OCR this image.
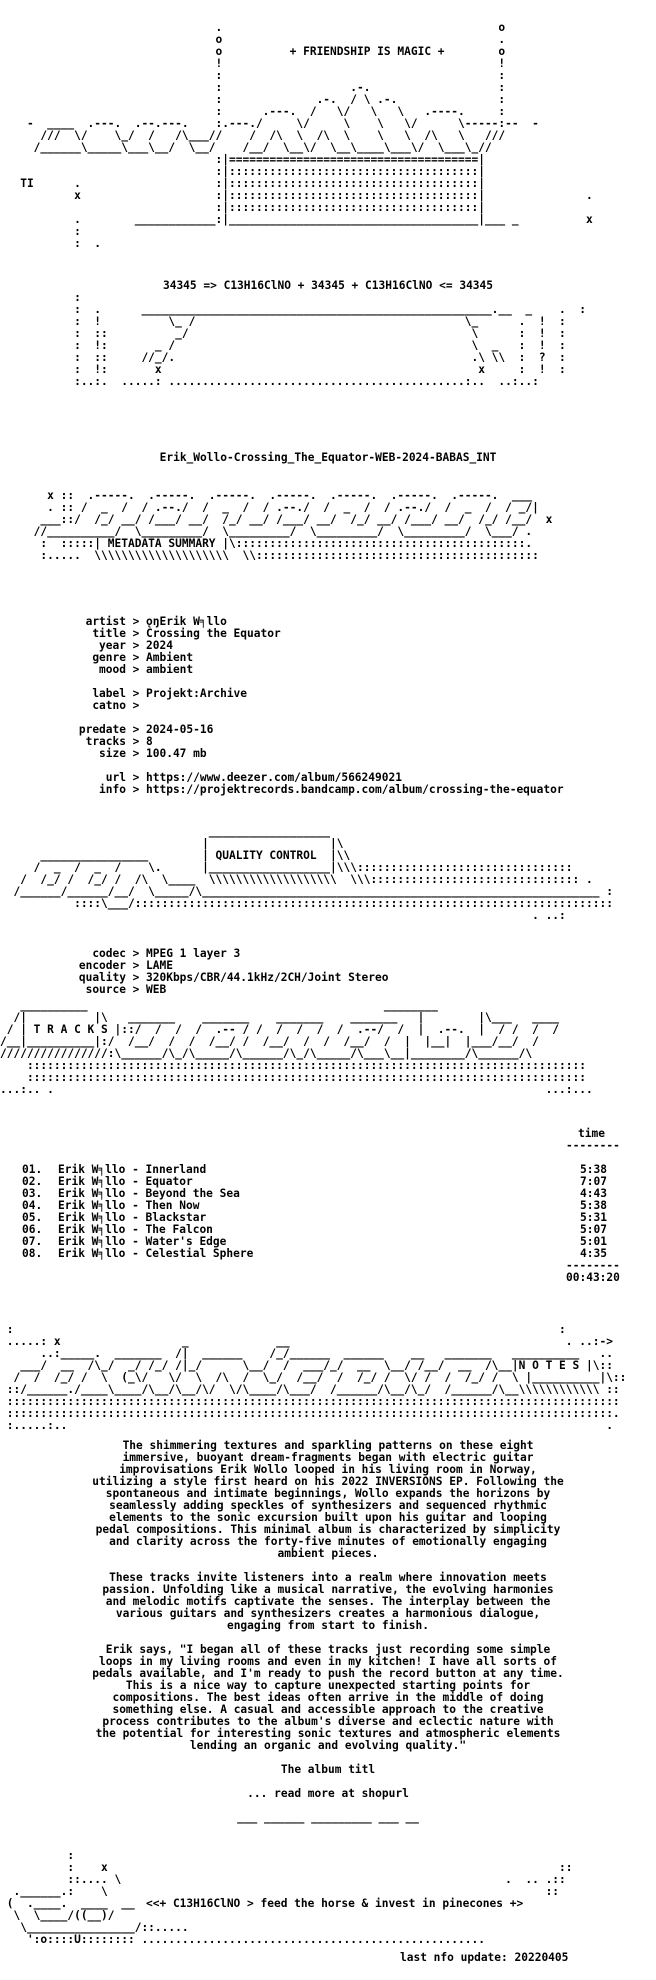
.                                         o
o                                         .
o          + FRIENDSHIP IS MAGIC +        o
!                                         !
:                                         :
:                   .-.                   :
:              .-.  / \ .-.               :
:      .---.  /   \/   \   \   .----.     :
-  ____  .---.  .--.---.    :.---./     \/     \    \   \/      \-----:--  -
///  \/    \_/  /   /\___//    /  /\  \  /\  \    \   \  /\   \   ///
/______\_____\___\__/  \__/    /__/  \__\/  \__\____\___\/  \___\_//
:|=====================================|
:|:::::::::::::::::::::::::::::::::::::|
TI      .                    :|:::::::::::::::::::::::::::::::::::::|
x                    :|:::::::::::::::::::::::::::::::::::::|               .
:|:::::::::::::::::::::::::::::::::::::|
.        ____________:|_____________________________________|___ _          x
:
:  .
34345 => C13H16ClNO + 34345 + C13H16ClNO <= 34345
:
:  .      ____________________________________________________.__  _    .  :
:  !          \_ /                                        \_      .  !  :
:  ::          _/                                          \      :  !  :
:  !:       _ /                                            \  _   :  !  :
:  ::     //_/.                                            .\ \\  :  ?  :
:  !:       x                                               x     :  !  :
:..:.  .....: ............................................:..  ..:..:
Erik_Wollo-Crossing_The_Equator-WEB-2024-BABAS_INT
x ::  .-----.  .-----.  .-----.  .-----.  .-----.  .-----.  .-----.  ___
. :: /  _  /  / .--./  /  _  /  / .--./  /  _  /  / .--./  /  _  /  / _/|
___::/  /_/ __/ /___/ __/  /_/ __/ /___/ __/  /_/ __/ /___/ __/  /_/ /__/  x
//__________/  \_________/  \_________/  \_________/  \_________/  \___/ .
:  :::::| METADATA SUMMARY |\:::::::::::::::::::::::::::::::::::::::::::.
:.....  \\\\\\\\\\\\\\\\\\\\  \\::::::::::::::::::::::::::::::::::::::::::
artist > ǫŋErik W╕llo
title > Crossing the Equator
year > 2024
genre > Ambient
mood > ambient
label > Projekt:Archive
catno >
predate > 2024-05-16
tracks > 8
size > 100.47 mb
url > https://www.deezer.com/album/566249021
info > https://projektrecords.bandcamp.com/album/crossing-the-equator
__________________
|                  |\
________________        | QUALITY CONTROL  |\\
/  _  /  _  /    \.      |__________________|\\\::::::::::::::::::::::::::::::::
/  /_/ /  /_/ /  /\  \____  \\\\\\\\\\\\\\\\\\\  \\\::::::::::::::::::::::::::::::: .
/______/______/__/  \_____/\___________________________________________________________ :
::::\___/:::::::::::::::::::::::::::::::::::::::::::::::::::::::::::::::::::::::
. ..:
codec > MPEG 1 layer 3
encoder > LAME
quality > 320Kbps/CBR/44.1kHz/2CH/Joint Stereo
source > WEB
__________                                            ________
/|          |\   _______    _______    _______    _______   |        |\___   ____
/ | T R A C K S |::/  /  /  /  .-- / /  /  /  /  /  .--/  /  |  .--.  |  / /  /  /
/__|__________|:/  /__/  /  /  /__/ /  /__/  /  /  /__/  /  |  |__|  |___/__/  /
////////////////:\______/\_/\_____/\______/\_/\_____/\___\__|________/\______/\
:::::::::::::::::::::::::::::::::::::::::::::::::::::::::::::::::::::::::::::::::::
:::::::::::::::::::::::::::::::::::::::::::::::::::::::::::::::::::::::::::::::::::
...:.. .                                                                         ...:...
time
--------
01. Erik W╕llo - Innerland	5:38
02. Erik W╕llo - Equator	7:07
03. Erik W╕llo - Beyond the Sea	4:43
04. Erik W╕llo - Then Now	5:38
05. Erik W╕llo - Blackstar	5:31
06. Erik W╕llo - The Falcon	5:07
07. Erik W╕llo - Water's Edge	5:01
08. Erik W╕llo - Celestial Sphere	4:35
--------
00:43:20
:                                                                                 :
.....: x                  _             __                                         . ..:->
..:_____.  _______  /|  ______    /_/______  ______    __   _______   __________   ..
___/  __  /\_/  _/ /_/ /|_/      \__/  /  ___/_/  __  \__/ /__/  __  /\__|N O T E S |\::
/  /  /_/ /  \  (_\/   \/  \  /\  /  \_/  /__/  /  /_/ /  \/ /  /  /_/ /  \ |__________|\::
::/______./____\____/\__/\__/\/  \/\____/\___/  /______/\__/\_/  /______/\__\\\\\\\\\\\\ ::
:::::::::::::::::::::::::::::::::::::::::::::::::::::::::::::::::::::::::::::::::::::::::::
::::::::::::::::::::::::::::::::::::::::::::::::::::::::::::::::::::::::::::::::::::::::::.
:.....:..                                                                                .

The shimmering textures and sparkling patterns on these eight
immersive, buoyant dream-fragments began with electric guitar
improvisations Erik Wollo looped in his living room in Norway,
utilizing a style first heard on his 2022 INVERSIONS EP. Following the
spontaneous and intimate beginnings, Wollo expands the horizons by
seamlessly adding speckles of synthesizers and sequenced rhythmic
elements to the sonic excursion built upon his guitar and looping
pedal compositions. This minimal album is characterized by simplicity
and clarity across the forty-five minutes of emotionally engaging
ambient pieces.

These tracks invite listeners into a realm where innovation meets
passion. Unfolding like a musical narrative, the evolving harmonies
and melodic motifs captivate the senses. The interplay between the
various guitars and synthesizers creates a harmonious dialogue,
engaging from start to finish.

Erik says, "I began all of these tracks just recording some simple
loops in my living rooms and even in my kitchen! I have all sorts of
pedals available, and I'm ready to push the record button at any time.
This is a nice way to capture unexpected starting points for
compositions. The best ideas often arrive in the middle of doing
something else. A casual and accessible approach to the creative
process contributes to the album's diverse and eclectic nature with
the potential for interesting sonic textures and atmospheric elements
lending an organic and evolving quality."

The album titl

... read more at shopurl

___ ______ _________ ___ __

:
:    x                                                                   ::
::.... \                                                         .  .. .::
.______.:    \                                                                 ::
(  .____.  ____  __
\  \____/((__)/
<<+ C13H16ClNO > feed the horse & invest in pinecones +>
\________________/::.....
':o::::U:::::::: ...................................................
last nfo update: 20220405
